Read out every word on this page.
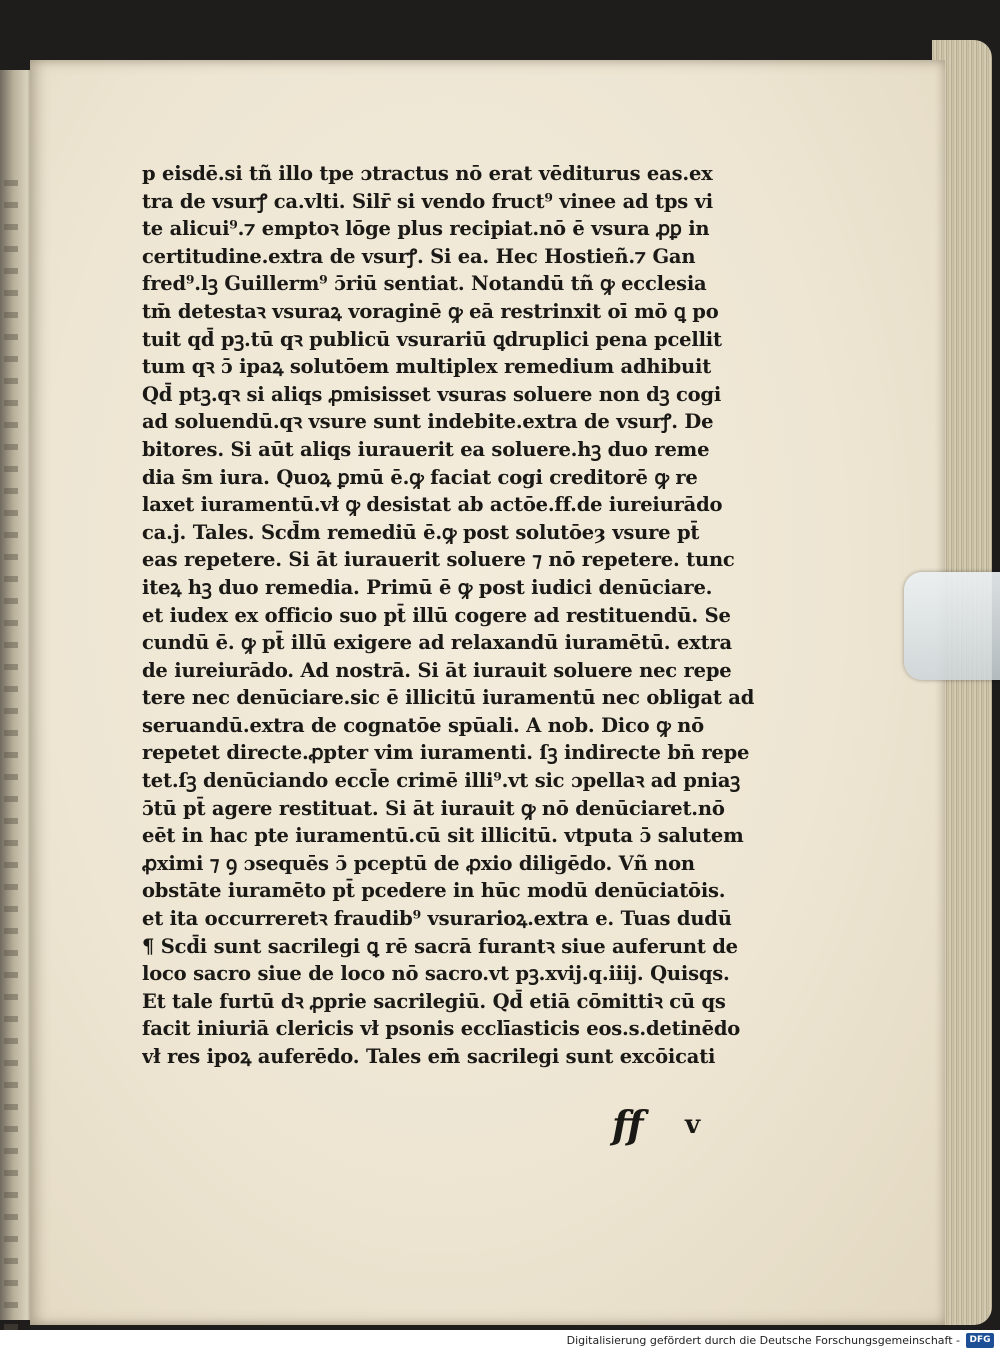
p eisdē.si tñ illo tpe ɔtractus nō erat vēditurus eas.ex
tra de vsurꝭ ca.vlti. Silr̄ si vendo fruct⁹ vinee ad tps vi
te alicui⁹.⁊ emptoꝛ lōge plus recipiat.nō ē vsura ꝓꝑ in
certitudine.extra de vsurꝭ. Si ea. Hec Hostieñ.⁊ Gan
fred⁹.lꝫ Guillerm⁹ ɔ̄riū sentiat. Notandū tñ ꝙ ecclesia
tm̄ detestaꝛ vsuraꝝ voraginē ꝙ eā restrinxit oī mō ꝗ po
tuit qd̄ pꝫ.tū qꝛ publicū vsurariū ꝗdruplici pena pcellit
tum qꝛ ɔ̄ ipaꝝ solutōem multiplex remedium adhibuit
Qd̄ ptꝫ.qꝛ si aliqs ꝓmisisset vsuras soluere non dꝫ cogi
ad soluendū.qꝛ vsure sunt indebite.extra de vsurꝭ. De
bitores. Si aūt aliqs iurauerit ea soluere.hꝫ duo reme
dia s̄m iura. Quoꝝ ꝑmū ē.ꝙ faciat cogi creditorē ꝙ re
laxet iuramentū.vł ꝙ desistat ab actōe.ff.de iureiurādo
ca.j. Tales. Scd̄m remediū ē.ꝙ post solutōeȝ vsure pt̄
eas repetere. Si āt iurauerit soluere ⁊ nō repetere. tunc
iteꝝ hꝫ duo remedia. Primū ē ꝙ post iudici denūciare.
et iudex ex officio suo pt̄ illū cogere ad restituendū. Se
cundū ē. ꝙ pt̄ illū exigere ad relaxandū iuramētū. extra
de iureiurādo. Ad nostrā. Si āt iurauit soluere nec repe
tere nec denūciare.sic ē illicitū iuramentū nec obligat ad
seruandū.extra de cognatōe spūali. A nob. Dico ꝙ nō
repetet directe.ꝓpter vim iuramenti. ſꝫ indirecte bn̄ repe
tet.ſꝫ denūciando eccl̄e crimē illi⁹.vt sic ɔpellaꝛ ad pniaꝫ
ɔ̄tū pt̄ agere restituat. Si āt iurauit ꝙ nō denūciaret.nō
eēt in hac pte iuramentū.cū sit illicitū. vtputa ɔ̄ salutem
ꝓximi ⁊ ꝯ ɔsequēs ɔ̄ pceptū de ꝓxio diligēdo. Vñ non
obstāte iuramēto pt̄ pcedere in hūc modū denūciatōis.
et ita occurreretꝛ fraudib⁹ vsurarioꝝ.extra e. Tuas dudū
¶ Scd̄i sunt sacrilegi ꝗ rē sacrā furantꝛ siue auferunt de
loco sacro siue de loco nō sacro.vt pꝫ.xvij.q.iiij. Quisqs.
Et tale furtū dꝛ ꝓprie sacrilegiū. Qd̄ etiā cōmittiꝛ cū qs
facit iniuriā clericis vł psonis ecclīasticis eos.s.detinēdo
vł res ipoꝝ auferēdo. Tales em̄ sacrilegi sunt excōicati
ff v
Digitalisierung gefördert durch die Deutsche Forschungsgemeinschaft -	DFG
